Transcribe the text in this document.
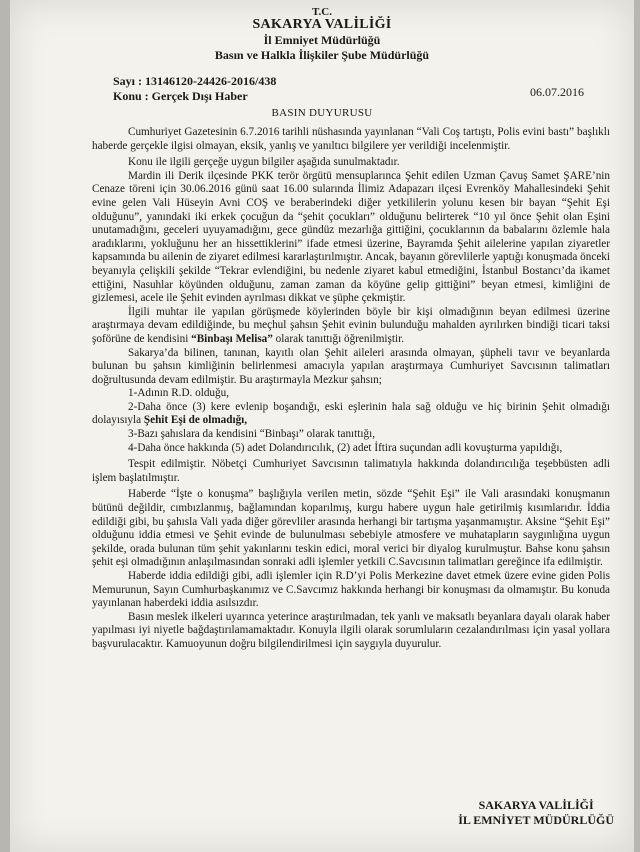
T.C.

SAKARYA VALİLİĞİ

İl Emniyet Müdürlüğü

Basın ve Halkla İlişkiler Şube Müdürlüğü

Sayı : 13146120-24426-2016/438

Konu : Gerçek Dışı Haber	06.07.2016

BASIN DUYURUSU

Cumhuriyet Gazetesinin 6.7.2016 tarihli nüshasında yayınlanan “Vali Coş tartıştı, Polis evini bastı” başlıklı haberde gerçekle ilgisi olmayan, eksik, yanlış ve yanıltıcı bilgilere yer verildiği incelenmiştir.

Konu ile ilgili gerçeğe uygun bilgiler aşağıda sunulmaktadır.

Mardin ili Derik ilçesinde PKK terör örgütü mensuplarınca Şehit edilen Uzman Çavuş Samet ŞARE’nin Cenaze töreni için 30.06.2016 günü saat 16.00 sularında İlimiz Adapazarı ilçesi Evrenköy Mahallesindeki Şehit evine gelen Vali Hüseyin Avni COŞ ve beraberindeki diğer yetkililerin yolunu kesen bir bayan “Şehit Eşi olduğunu”, yanındaki iki erkek çocuğun da “şehit çocukları” olduğunu belirterek “10 yıl önce Şehit olan Eşini unutamadığını, geceleri uyuyamadığını, gece gündüz mezarlığa gittiğini, çocuklarının da babalarını özlemle hala aradıklarını, yokluğunu her an hissettiklerini” ifade etmesi üzerine, Bayramda Şehit ailelerine yapılan ziyaretler kapsamında bu ailenin de ziyaret edilmesi kararlaştırılmıştır. Ancak, bayanın görevlilerle yaptığı konuşmada önceki beyanıyla çelişkili şekilde “Tekrar evlendiğini, bu nedenle ziyaret kabul etmediğini, İstanbul Bostancı’da ikamet ettiğini, Nasuhlar köyünden olduğunu, zaman zaman da köyüne gelip gittiğini” beyan etmesi, kimliğini de gizlemesi, acele ile Şehit evinden ayrılması dikkat ve şüphe çekmiştir.

İlgili muhtar ile yapılan görüşmede köylerinden böyle bir kişi olmadığının beyan edilmesi üzerine araştırmaya devam edildiğinde, bu meçhul şahsın Şehit evinin bulunduğu mahalden ayrılırken bindiği ticari taksi şoförüne de kendisini “Binbaşı Melisa” olarak tanıttığı öğrenilmiştir.

Sakarya’da bilinen, tanınan, kayıtlı olan Şehit aileleri arasında olmayan, şüpheli tavır ve beyanlarda bulunan bu şahsın kimliğinin belirlenmesi amacıyla yapılan araştırmaya Cumhuriyet Savcısının talimatları doğrultusunda devam edilmiştir. Bu araştırmayla Mezkur şahsın;

1-Adının R.D. olduğu,

2-Daha önce (3) kere evlenip boşandığı, eski eşlerinin hala sağ olduğu ve hiç birinin Şehit olmadığı dolayısıyla Şehit Eşi de olmadığı,

3-Bazı şahıslara da kendisini “Binbaşı” olarak tanıttığı,

4-Daha önce hakkında (5) adet Dolandırıcılık, (2) adet İftira suçundan adli kovuşturma yapıldığı,

Tespit edilmiştir. Nöbetçi Cumhuriyet Savcısının talimatıyla hakkında dolandırıcılığa teşebbüsten adli işlem başlatılmıştır.

Haberde “İşte o konuşma” başlığıyla verilen metin, sözde “Şehit Eşi” ile Vali arasındaki konuşmanın bütünü değildir, cımbızlanmış, bağlamından koparılmış, kurgu habere uygun hale getirilmiş kısımlarıdır. İddia edildiği gibi, bu şahısla Vali yada diğer görevliler arasında herhangi bir tartışma yaşanmamıştır. Aksine “Şehit Eşi” olduğunu iddia etmesi ve Şehit evinde de bulunulması sebebiyle atmosfere ve muhatapların saygınlığına uygun şekilde, orada bulunan tüm şehit yakınlarını teskin edici, moral verici bir diyalog kurulmuştur. Bahse konu şahsın şehit eşi olmadığının anlaşılmasından sonraki adli işlemler yetkili C.Savcısının talimatları gereğince ifa edilmiştir.

Haberde iddia edildiği gibi, adli işlemler için R.D’yi Polis Merkezine davet etmek üzere evine giden Polis Memurunun, Sayın Cumhurbaşkanımız ve C.Savcımız hakkında herhangi bir konuşması da olmamıştır. Bu konuda yayınlanan haberdeki iddia asılsızdır.

Basın meslek ilkeleri uyarınca yeterince araştırılmadan, tek yanlı ve maksatlı beyanlara dayalı olarak haber yapılması iyi niyetle bağdaştırılamamaktadır. Konuyla ilgili olarak sorumluların cezalandırılması için yasal yollara başvurulacaktır. Kamuoyunun doğru bilgilendirilmesi için saygıyla duyurulur.

SAKARYA VALİLİĞİ
İL EMNİYET MÜDÜRLÜĞÜ
